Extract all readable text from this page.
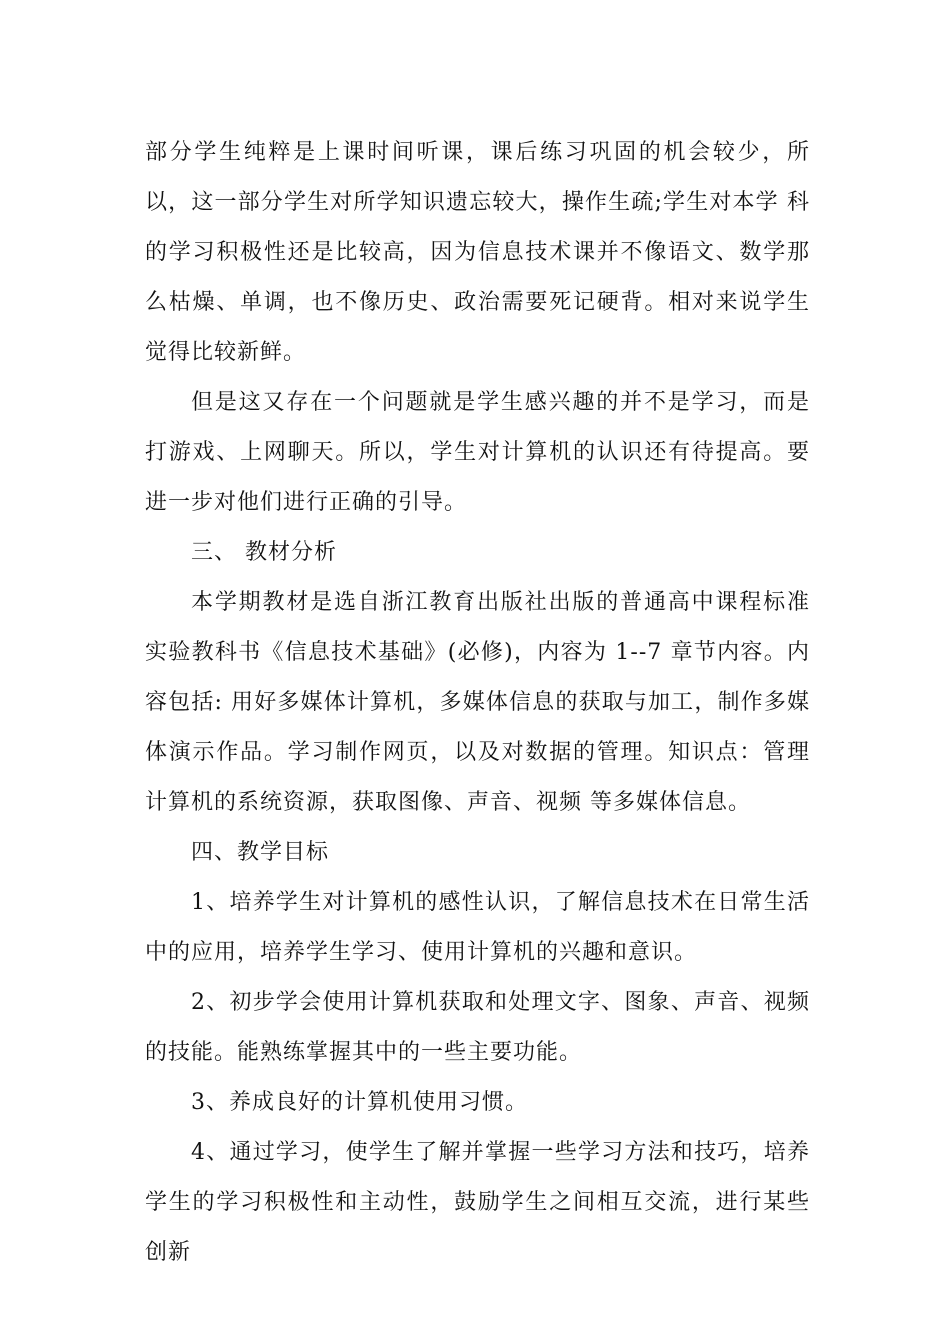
部分学生纯粹是上课时间听课，课后练习巩固的机会较少，所以，这一部分学生对所学知识遗忘较大，操作生疏;学生对本学 科的学习积极性还是比较高，因为信息技术课并不像语文、数学那么枯燥、单调，也不像历史、政治需要死记硬背。相对来说学生觉得比较新鲜。

但是这又存在一个问题就是学生感兴趣的并不是学习，而是打游戏、上网聊天。所以，学生对计算机的认识还有待提高。要进一步对他们进行正确的引导。

三、 教材分析

本学期教材是选自浙江教育出版社出版的普通高中课程标准实验教科书《信息技术基础》(必修)，内容为 1--7 章节内容。内容包括: 用好多媒体计算机，多媒体信息的获取与加工，制作多媒体演示作品。学习制作网页，以及对数据的管理。知识点：管理计算机的系统资源，获取图像、声音、视频 等多媒体信息。

四、教学目标

1、培养学生对计算机的感性认识，了解信息技术在日常生活中的应用，培养学生学习、使用计算机的兴趣和意识。

2、初步学会使用计算机获取和处理文字、图象、声音、视频的技能。能熟练掌握其中的一些主要功能。

3、养成良好的计算机使用习惯。

4、通过学习，使学生了解并掌握一些学习方法和技巧，培养学生的学习积极性和主动性，鼓励学生之间相互交流，进行某些创新
